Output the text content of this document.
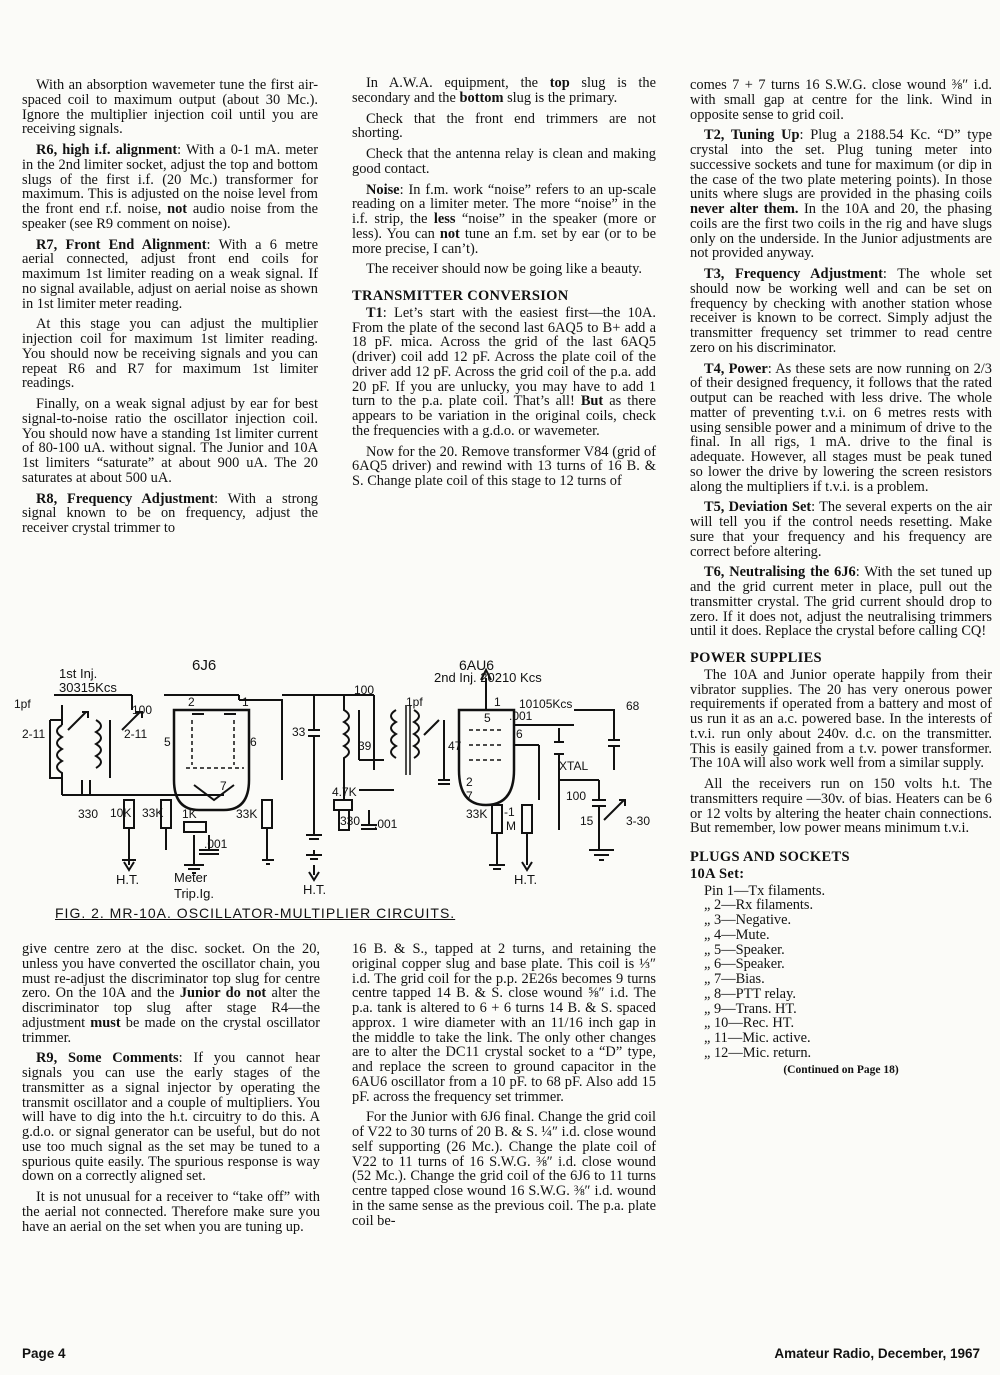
With an absorption wavemeter tune the first air-spaced coil to maximum output (about 30 Mc.). Ignore the multiplier injection coil until you are receiving signals.

R6, high i.f. alignment: With a 0-1 mA. meter in the 2nd limiter socket, adjust the top and bottom slugs of the first i.f. (20 Mc.) transformer for maximum. This is adjusted on the noise level from the front end r.f. noise, not audio noise from the speaker (see R9 comment on noise).

R7, Front End Alignment: With a 6 metre aerial connected, adjust front end coils for maximum 1st limiter reading on a weak signal. If no signal available, adjust on aerial noise as shown in 1st limiter meter reading.

At this stage you can adjust the multiplier injection coil for maximum 1st limiter reading. You should now be receiving signals and you can repeat R6 and R7 for maximum 1st limiter readings.

Finally, on a weak signal adjust by ear for best signal-to-noise ratio the oscillator injection coil. You should now have a standing 1st limiter current of 80-100 uA. without signal. The Junior and 10A 1st limiters “saturate” at about 900 uA. The 20 saturates at about 500 uA.

R8, Frequency Adjustment: With a strong signal known to be on frequency, adjust the receiver crystal trimmer to

In A.W.A. equipment, the top slug is the secondary and the bottom slug is the primary.

Check that the front end trimmers are not shorting.

Check that the antenna relay is clean and making good contact.

Noise: In f.m. work “noise” refers to an up-scale reading on a limiter meter. The more “noise” in the i.f. strip, the less “noise” in the speaker (more or less). You can not tune an f.m. set by ear (or to be more precise, I can’t).

The receiver should now be going like a beauty.

TRANSMITTER CONVERSION

T1: Let’s start with the easiest first—the 10A. From the plate of the second last 6AQ5 to B+ add a 18 pF. mica. Across the grid of the last 6AQ5 (driver) coil add 12 pF. Across the plate coil of the driver add 12 pF. Across the grid coil of the p.a. add 20 pF. If you are unlucky, you may have to add 1 turn to the p.a. plate coil. That’s all! But as there appears to be variation in the original coils, check the frequencies with a g.d.o. or wavemeter.

Now for the 20. Remove transformer V84 (grid of 6AQ5 driver) and rewind with 13 turns of 16 B. & S. Change plate coil of this stage to 12 turns of

comes 7 + 7 turns 16 S.W.G. close wound ⅜″ i.d. with small gap at centre for the link. Wind in opposite sense to grid coil.

T2, Tuning Up: Plug a 2188.54 Kc. “D” type crystal into the set. Plug tuning meter into successive sockets and tune for maximum (or dip in the case of the two plate metering points). In those units where slugs are provided in the phasing coils never alter them. In the 10A and 20, the phasing coils are the first two coils in the rig and have slugs only on the underside. In the Junior adjustments are not provided anyway.

T3, Frequency Adjustment: The whole set should now be working well and can be set on frequency by checking with another station whose receiver is known to be correct. Simply adjust the transmitter frequency set trimmer to read centre zero on his discriminator.

T4, Power: As these sets are now running on 2/3 of their designed frequency, it follows that the rated output can be reached with less drive. The whole matter of preventing t.v.i. on 6 metres rests with using sensible power and a minimum of drive to the final. In all rigs, 1 mA. drive to the final is adequate. However, all stages must be peak tuned so lower the drive by lowering the screen resistors along the multipliers if t.v.i. is a problem.

T5, Deviation Set: The several experts on the air will tell you if the control needs resetting. Make sure that your frequency and his frequency are correct before altering.

T6, Neutralising the 6J6: With the set tuned up and the grid current meter in place, pull out the transmitter crystal. The grid current should drop to zero. If it does not, adjust the neutralising trimmers until it does. Replace the crystal before calling CQ!

POWER SUPPLIES

The 10A and Junior operate happily from their vibrator supplies. The 20 has very onerous power requirements if operated from a battery and most of us run it as an a.c. powered base. In the interests of t.v.i. run only about 240v. d.c. on the transmitter. This is easily gained from a t.v. power transformer. The 10A will also work well from a similar supply.

All the receivers run on 150 volts h.t. The transmitters require —30v. of bias. Heaters can be 6 or 12 volts by altering the heater chain connections. But remember, low power means minimum t.v.i.

PLUGS AND SOCKETS
10A Set:
Pin 1—Tx filaments.
„ 2—Rx filaments.
„ 3—Negative.
„ 4—Mute.
„ 5—Speaker.
„ 6—Speaker.
„ 7—Bias.
„ 8—PTT relay.
„ 9—Trans. HT.
„ 10—Rec. HT.
„ 11—Mic. active.
„ 12—Mic. return.
(Continued on Page 18)
1pf
2-11	2-11
330
100
10K 33K 1K
.001
33K
100
33
39
4.7K
330 .001
1pf
47
33K -1
M
.001
68
100
15	3-30
5	6
7
1
2
5
6
1
2
7
6J6	6AU6
1st Inj.
30315Kcs
2nd Inj. 20210 Kcs
10105Kcs
XTAL
Meter
Trip.Ig.
H.T.
H.T.
H.T.
FIG. 2. MR-10A. OSCILLATOR-MULTIPLIER CIRCUITS.

give centre zero at the disc. socket. On the 20, unless you have converted the oscillator chain, you must re-adjust the discriminator top slug for centre zero. On the 10A and the Junior do not alter the discriminator top slug after stage R4—the adjustment must be made on the crystal oscillator trimmer.

R9, Some Comments: If you cannot hear signals you can use the early stages of the transmitter as a signal injector by operating the transmit oscillator and a couple of multipliers. You will have to dig into the h.t. circuitry to do this. A g.d.o. or signal generator can be useful, but do not use too much signal as the set may be tuned to a spurious quite easily. The spurious response is way down on a correctly aligned set.

It is not unusual for a receiver to “take off” with the aerial not connected. Therefore make sure you have an aerial on the set when you are tuning up.

16 B. & S., tapped at 2 turns, and retaining the original copper slug and base plate. This coil is ⅓″ i.d. The grid coil for the p.p. 2E26s becomes 9 turns centre tapped 14 B. & S. close wound ⅝″ i.d. The p.a. tank is altered to 6 + 6 turns 14 B. & S. spaced approx. 1 wire diameter with an 11/16 inch gap in the middle to take the link. The only other changes are to alter the DC11 crystal socket to a “D” type, and replace the screen to ground capacitor in the 6AU6 oscillator from a 10 pF. to 68 pF. Also add 15 pF. across the frequency set trimmer.

For the Junior with 6J6 final. Change the grid coil of V22 to 30 turns of 20 B. & S. ¼″ i.d. close wound self supporting (26 Mc.). Change the plate coil of V22 to 11 turns of 16 S.W.G. ⅜″ i.d. close wound (52 Mc.). Change the grid coil of the 6J6 to 11 turns centre tapped close wound 16 S.W.G. ⅜″ i.d. wound in the same sense as the previous coil. The p.a. plate coil be-

Page 4	Amateur Radio, December, 1967
